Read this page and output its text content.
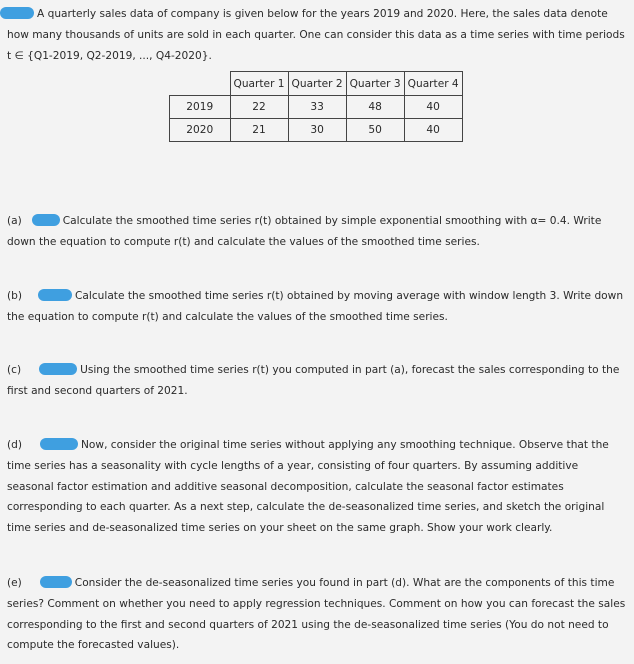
A quarterly sales data of company is given below for the years 2019 and 2020. Here, the sales data denote how many thousands of units are sold in each quarter. One can consider this data as a time series with time periods t ∈ {Q1-2019, Q2-2019, ..., Q4-2020}.

	Quarter 1	Quarter 2	Quarter 3	Quarter 4
2019	22	33	48	40
2020	21	30	50	40

(a)	Calculate the smoothed time series r(t) obtained by simple exponential smoothing with α= 0.4. Write down the equation to compute r(t) and calculate the values of the smoothed time series.

(b)	Calculate the smoothed time series r(t) obtained by moving average with window length 3. Write down the equation to compute r(t) and calculate the values of the smoothed time series.

(c)	Using the smoothed time series r(t) you computed in part (a), forecast the sales corresponding to the first and second quarters of 2021.

(d)	Now, consider the original time series without applying any smoothing technique. Observe that the time series has a seasonality with cycle lengths of a year, consisting of four quarters. By assuming additive seasonal factor estimation and additive seasonal decomposition, calculate the seasonal factor estimates corresponding to each quarter. As a next step, calculate the de-seasonalized time series, and sketch the original time series and de-seasonalized time series on your sheet on the same graph. Show your work clearly.

(e)	Consider the de-seasonalized time series you found in part (d). What are the components of this time series? Comment on whether you need to apply regression techniques. Comment on how you can forecast the sales corresponding to the first and second quarters of 2021 using the de-seasonalized time series (You do not need to compute the forecasted values).
